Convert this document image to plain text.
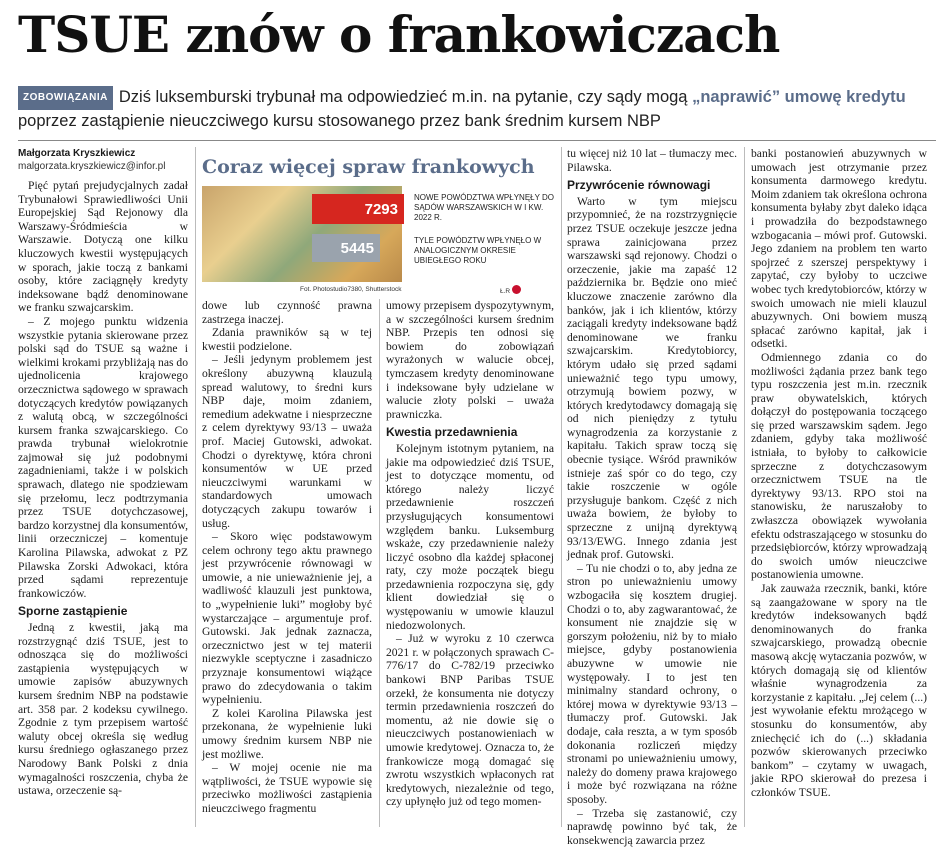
TSUE znów o frankowiczach
ZOBOWIĄZANIA Dziś luksemburski trybunał ma odpowiedzieć m.in. na pytanie, czy sądy mogą „naprawić” umowę kredytu poprzez zastąpienie nieuczciwego kursu stosowanego przez bank średnim kursem NBP
Małgorzata Kryszkiewicz
malgorzata.kryszkiewicz@infor.pl

Pięć pytań prejudycjalnych zadał Trybunałowi Sprawiedliwości Unii Europejskiej Sąd Rejonowy dla Warszawy-Śródmieścia w Warszawie. Dotyczą one kilku kluczowych kwestii występujących w sporach, jakie toczą z bankami osoby, które zaciągnęły kredyty indeksowane bądź denominowane we franku szwajcarskim.

– Z mojego punktu widzenia wszystkie pytania skierowane przez polski sąd do TSUE są ważne i wielkimi krokami przybliżają nas do ujednolicenia krajowego orzecznictwa sądowego w sprawach dotyczących kredytów powiązanych z walutą obcą, w szczególności kursem franka szwajcarskiego. Co prawda trybunał wielokrotnie zajmował się już podobnymi zagadnieniami, także i w polskich sprawach, dlatego nie spodziewam się przełomu, lecz podtrzymania przez TSUE dotychczasowej, bardzo korzystnej dla konsumentów, linii orzeczniczej – komentuje Karolina Pilawska, adwokat z PZ Pilawska Zorski Adwokaci, która przed sądami reprezentuje frankowiczów.

Sporne zastąpienie

Jedną z kwestii, jaką ma rozstrzygnąć dziś TSUE, jest to odnosząca się do możliwości zastąpienia występujących w umowie zapisów abuzywnych kursem średnim NBP na podstawie art. 358 par. 2 kodeksu cywilnego. Zgodnie z tym przepisem wartość waluty obcej określa się według kursu średniego ogłaszanego przez Narodowy Bank Polski z dnia wymagalności roszczenia, chyba że ustawa, orzeczenie są-

Coraz więcej spraw frankowych
7293
5445
NOWE POWÓDZTWA WPŁYNĘŁY DO SĄDÓW WARSZAWSKICH W I KW. 2022 R.
TYLE POWÓDZTW WPŁYNĘŁO W ANALOGICZNYM OKRESIE UBIEGŁEGO ROKU
Fot. Photostudio7380, Shutterstock	Ł.R

dowe lub czynność prawna zastrzega inaczej.

Zdania prawników są w tej kwestii podzielone.

– Jeśli jedynym problemem jest określony abuzywną klauzulą spread walutowy, to średni kurs NBP daje, moim zdaniem, remedium adekwatne i niesprzeczne z celem dyrektywy 93/13 – uważa prof. Maciej Gutowski, adwokat. Chodzi o dyrektywę, która chroni konsumentów w UE przed nieuczciwymi warunkami w standardowych umowach dotyczących zakupu towarów i usług.

– Skoro więc podstawowym celem ochrony tego aktu prawnego jest przywrócenie równowagi w umowie, a nie unieważnienie jej, a wadliwość klauzuli jest punktowa, to „wypełnienie luki” mogłoby być wystarczające – argumentuje prof. Gutowski. Jak jednak zaznacza, orzecznictwo jest w tej materii niezwykle sceptyczne i zasadniczo przyznaje konsumentowi wiążące prawo do zdecydowania o takim wypełnieniu.

Z kolei Karolina Pilawska jest przekonana, że wypełnienie luki umowy średnim kursem NBP nie jest możliwe.

– W mojej ocenie nie ma wątpliwości, że TSUE wypowie się przeciwko możliwości zastąpienia nieuczciwego fragmentu

umowy przepisem dyspozytywnym, a w szczególności kursem średnim NBP. Przepis ten odnosi się bowiem do zobowiązań wyrażonych w walucie obcej, tymczasem kredyty denominowane i indeksowane były udzielane w walucie złoty polski – uważa prawniczka.

Kwestia przedawnienia

Kolejnym istotnym pytaniem, na jakie ma odpowiedzieć dziś TSUE, jest to dotyczące momentu, od którego należy liczyć przedawnienie roszczeń przysługujących konsumentowi względem banku. Luksemburg wskaże, czy przedawnienie należy liczyć osobno dla każdej spłaconej raty, czy może początek biegu przedawnienia rozpoczyna się, gdy klient dowiedział się o występowaniu w umowie klauzul niedozwolonych.

– Już w wyroku z 10 czerwca 2021 r. w połączonych sprawach C-776/17 do C-782/19 przeciwko bankowi BNP Paribas TSUE orzekł, że konsumenta nie dotyczy termin przedawnienia roszczeń do momentu, aż nie dowie się o nieuczciwych postanowieniach w umowie kredytowej. Oznacza to, że frankowicze mogą domagać się zwrotu wszystkich wpłaconych rat kredytowych, niezależnie od tego, czy upłynęło już od tego momen-

tu więcej niż 10 lat – tłumaczy mec. Pilawska.

Przywrócenie równowagi

Warto w tym miejscu przypomnieć, że na rozstrzygnięcie przez TSUE oczekuje jeszcze jedna sprawa zainicjowana przez warszawski sąd rejonowy. Chodzi o orzeczenie, jakie ma zapaść 12 października br. Będzie ono mieć kluczowe znaczenie zarówno dla banków, jak i ich klientów, którzy zaciągali kredyty indeksowane bądź denominowane we franku szwajcarskim. Kredytobiorcy, którym udało się przed sądami unieważnić tego typu umowy, otrzymują bowiem pozwy, w których kredytodawcy domagają się od nich pieniędzy z tytułu wynagrodzenia za korzystanie z kapitału. Takich spraw toczą się obecnie tysiące. Wśród prawników istnieje zaś spór co do tego, czy takie roszczenie w ogóle przysługuje bankom. Część z nich uważa bowiem, że byłoby to sprzeczne z unijną dyrektywą 93/13/EWG. Innego zdania jest jednak prof. Gutowski.

– Tu nie chodzi o to, aby jedna ze stron po unieważnieniu umowy wzbogaciła się kosztem drugiej. Chodzi o to, aby zagwarantować, że konsument nie znajdzie się w gorszym położeniu, niż by to miało miejsce, gdyby postanowienia abuzywne w umowie nie występowały. I to jest ten minimalny standard ochrony, o której mowa w dyrektywie 93/13 – tłumaczy prof. Gutowski. Jak dodaje, cała reszta, a w tym sposób dokonania rozliczeń między stronami po unieważnieniu umowy, należy do domeny prawa krajowego i może być rozwiązana na różne sposoby.

– Trzeba się zastanowić, czy naprawdę powinno być tak, że konsekwencją zawarcia przez

banki postanowień abuzywnych w umowach jest otrzymanie przez konsumenta darmowego kredytu. Moim zdaniem tak określona ochrona konsumenta byłaby zbyt daleko idąca i prowadziła do bezpodstawnego wzbogacania – mówi prof. Gutowski. Jego zdaniem na problem ten warto spojrzeć z szerszej perspektywy i zapytać, czy byłoby to uczciwe wobec tych kredytobiorców, którzy w swoich umowach nie mieli klauzul abuzywnych. Oni bowiem muszą spłacać zarówno kapitał, jak i odsetki.

Odmiennego zdania co do możliwości żądania przez bank tego typu roszczenia jest m.in. rzecznik praw obywatelskich, których dołączył do postępowania toczącego się przed warszawskim sądem. Jego zdaniem, gdyby taka możliwość istniała, to byłoby to całkowicie sprzeczne z dotychczasowym orzecznictwem TSUE na tle dyrektywy 93/13. RPO stoi na stanowisku, że naruszałoby to zwłaszcza obowiązek wywołania efektu odstraszającego w stosunku do przedsiębiorców, którzy wprowadzają do swoich umów nieuczciwe postanowienia umowne.

Jak zauważa rzecznik, banki, które są zaangażowane w spory na tle kredytów indeksowanych bądź denominowanych do franka szwajcarskiego, prowadzą obecnie masową akcję wytaczania pozwów, w których domagają się od klientów właśnie wynagrodzenia za korzystanie z kapitału. „Jej celem (...) jest wywołanie efektu mrożącego w stosunku do konsumentów, aby zniechęcić ich do (...) składania pozwów skierowanych przeciwko bankom” – czytamy w uwagach, jakie RPO skierował do prezesa i członków TSUE.
